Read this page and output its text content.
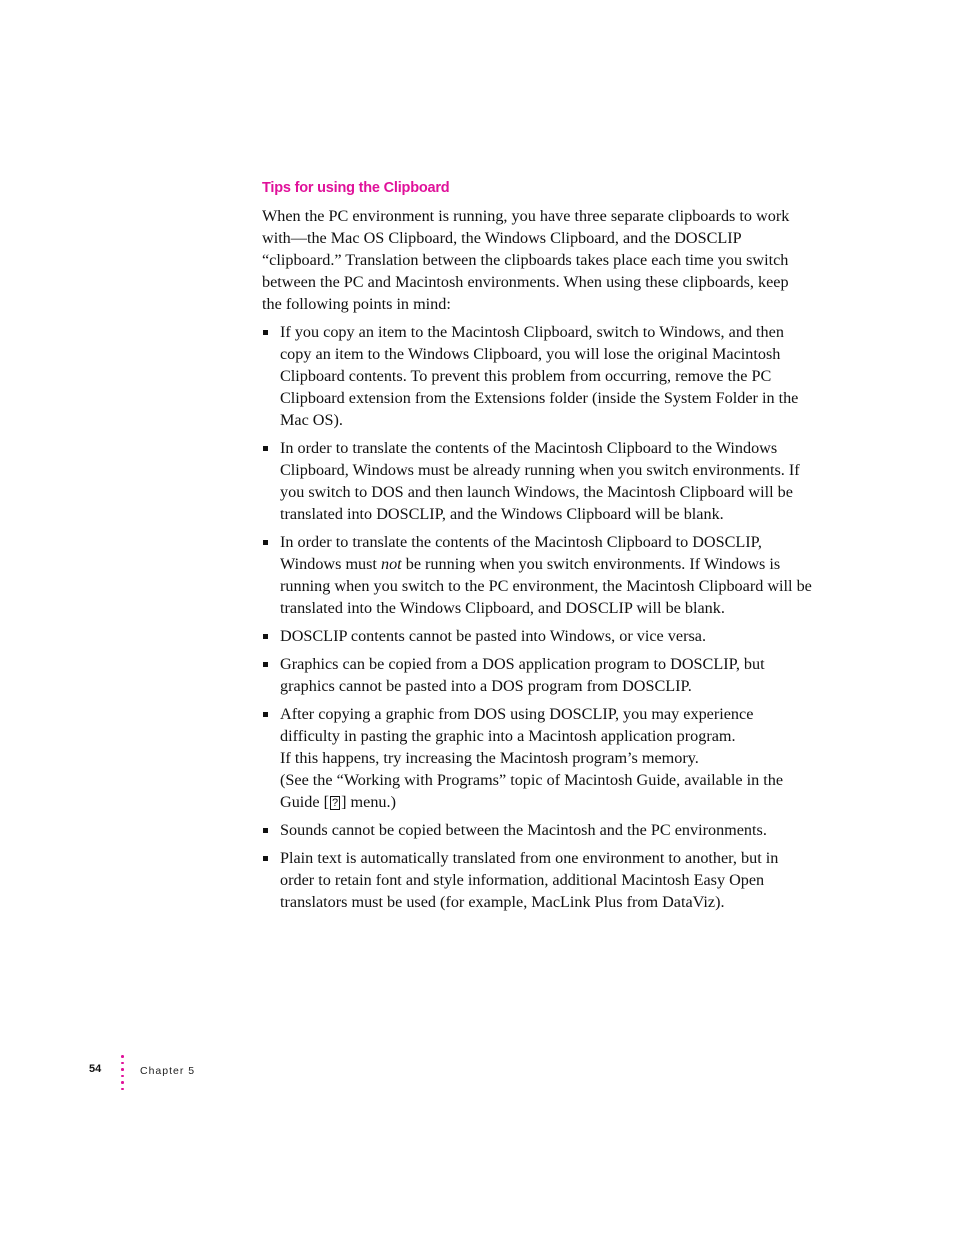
Tips for using the Clipboard

When the PC environment is running, you have three separate clipboards to work with—the Mac OS Clipboard, the Windows Clipboard, and the DOSCLIP “clipboard.” Translation between the clipboards takes place each time you switch between the PC and Macintosh environments. When using these clipboards, keep the following points in mind:

If you copy an item to the Macintosh Clipboard, switch to Windows, and then copy an item to the Windows Clipboard, you will lose the original Macintosh Clipboard contents. To prevent this problem from occurring, remove the PC Clipboard extension from the Extensions folder (inside the System Folder in the Mac OS).
In order to translate the contents of the Macintosh Clipboard to the Windows Clipboard, Windows must be already running when you switch environments. If you switch to DOS and then launch Windows, the Macintosh Clipboard will be translated into DOSCLIP, and the Windows Clipboard will be blank.
In order to translate the contents of the Macintosh Clipboard to DOSCLIP, Windows must not be running when you switch environments. If Windows is running when you switch to the PC environment, the Macintosh Clipboard will be translated into the Windows Clipboard, and DOSCLIP will be blank.
DOSCLIP contents cannot be pasted into Windows, or vice versa.
Graphics can be copied from a DOS application program to DOSCLIP, but graphics cannot be pasted into a DOS program from DOSCLIP.
After copying a graphic from DOS using DOSCLIP, you may experience difficulty in pasting the graphic into a Macintosh application program.
If this happens, try increasing the Macintosh program’s memory.
(See the “Working with Programs” topic of Macintosh Guide, available in the Guide [ ? ] menu.)
Sounds cannot be copied between the Macintosh and the PC environments.
Plain text is automatically translated from one environment to another, but in order to retain font and style information, additional Macintosh Easy Open translators must be used (for example, MacLink Plus from DataViz).
54	Chapter 5
